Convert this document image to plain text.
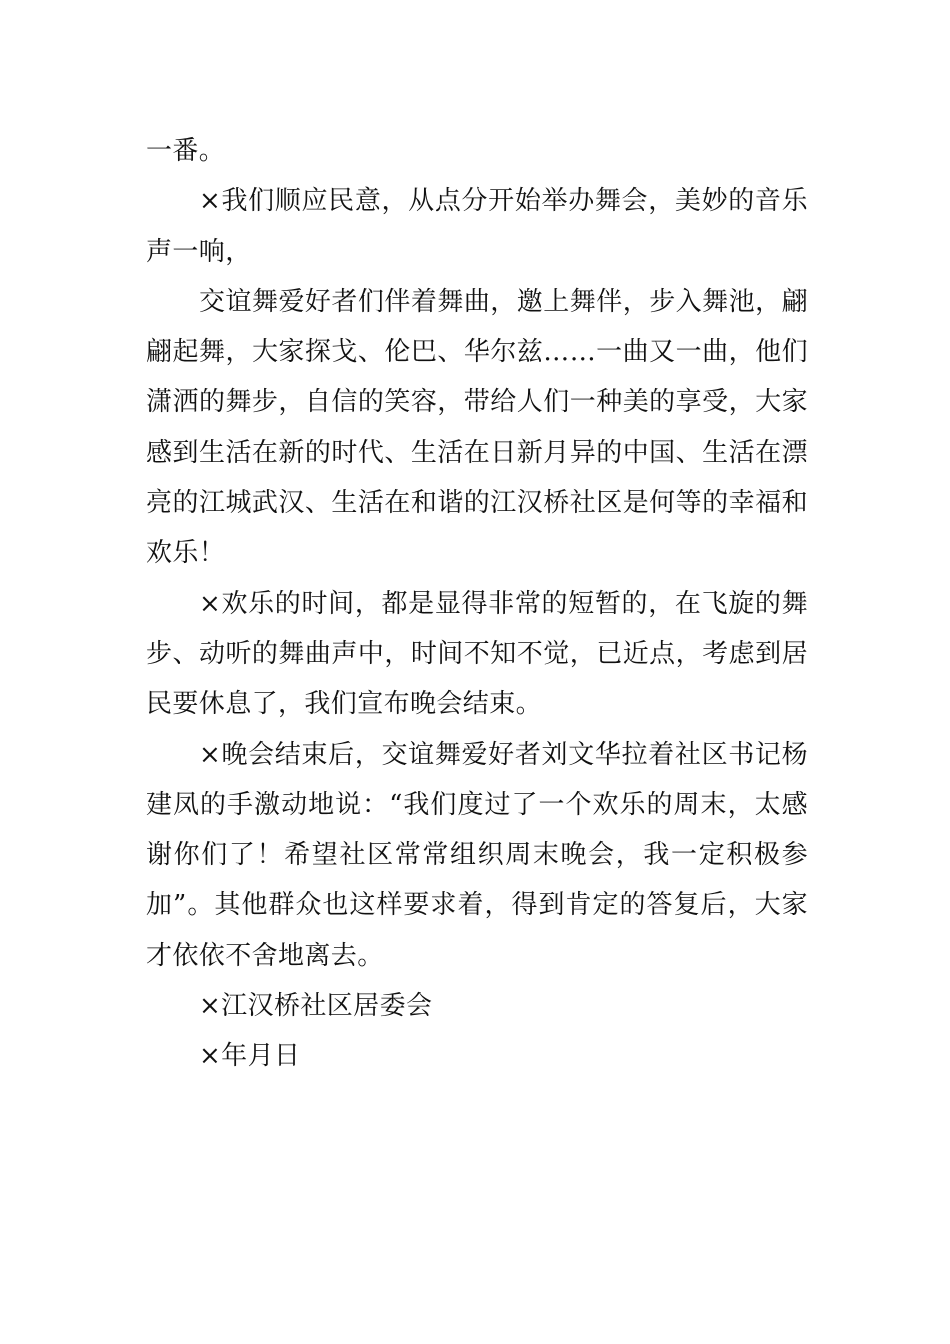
一番。
×我们顺应民意，从点分开始举办舞会，美妙的音乐
声一响，
交谊舞爱好者们伴着舞曲，邀上舞伴，步入舞池，翩
翩起舞，大家探戈、伦巴、华尔兹……一曲又一曲，他们
潇洒的舞步，自信的笑容，带给人们一种美的享受，大家
感到生活在新的时代、生活在日新月异的中国、生活在漂
亮的江城武汉、生活在和谐的江汉桥社区是何等的幸福和
欢乐！
×欢乐的时间，都是显得非常的短暂的，在飞旋的舞
步、动听的舞曲声中，时间不知不觉，已近点，考虑到居
民要休息了，我们宣布晚会结束。
×晚会结束后，交谊舞爱好者刘文华拉着社区书记杨
建凤的手激动地说：“我们度过了一个欢乐的周末，太感
谢你们了！希望社区常常组织周末晚会，我一定积极参
加”。其他群众也这样要求着，得到肯定的答复后，大家
才依依不舍地离去。
×江汉桥社区居委会
×年月日
